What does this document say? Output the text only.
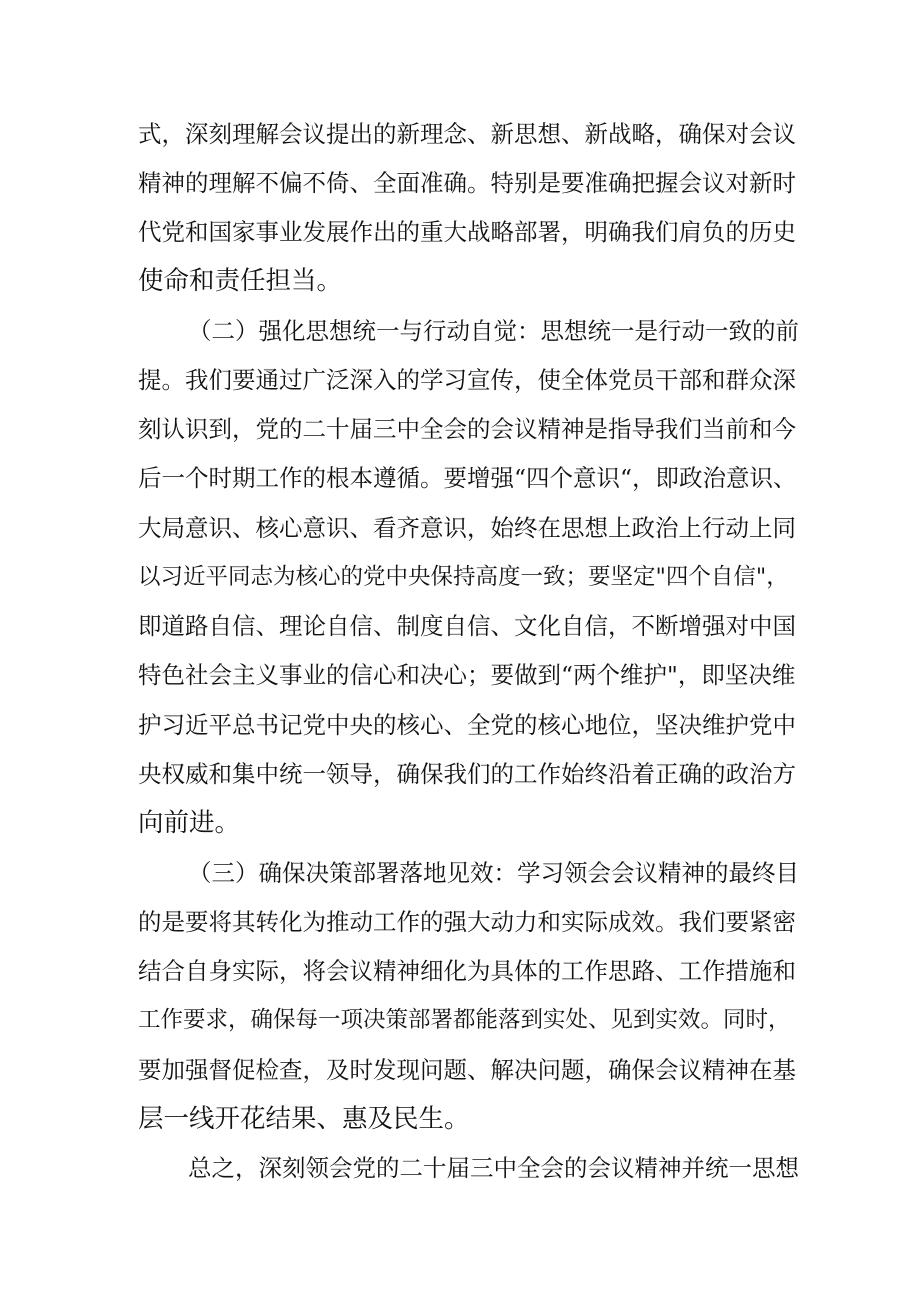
式，深刻理解会议提出的新理念、新思想、新战略，确保对会议
精神的理解不偏不倚、全面准确。特别是要准确把握会议对新时
代党和国家事业发展作出的重大战略部署，明确我们肩负的历史
使命和责任担当。
（二）强化思想统一与行动自觉：思想统一是行动一致的前
提。我们要通过广泛深入的学习宣传，使全体党员干部和群众深
刻认识到，党的二十届三中全会的会议精神是指导我们当前和今
后一个时期工作的根本遵循。要增强“四个意识“，即政治意识、
大局意识、核心意识、看齐意识，始终在思想上政治上行动上同
以习近平同志为核心的党中央保持高度一致；要坚定"四个自信"，
即道路自信、理论自信、制度自信、文化自信，不断增强对中国
特色社会主义事业的信心和决心；要做到“两个维护"，即坚决维
护习近平总书记党中央的核心、全党的核心地位，坚决维护党中
央权威和集中统一领导，确保我们的工作始终沿着正确的政治方
向前进。
（三）确保决策部署落地见效：学习领会会议精神的最终目
的是要将其转化为推动工作的强大动力和实际成效。我们要紧密
结合自身实际，将会议精神细化为具体的工作思路、工作措施和
工作要求，确保每一项决策部署都能落到实处、见到实效。同时，
要加强督促检查，及时发现问题、解决问题，确保会议精神在基
层一线开花结果、惠及民生。
总之，深刻领会党的二十届三中全会的会议精神并统一思想
